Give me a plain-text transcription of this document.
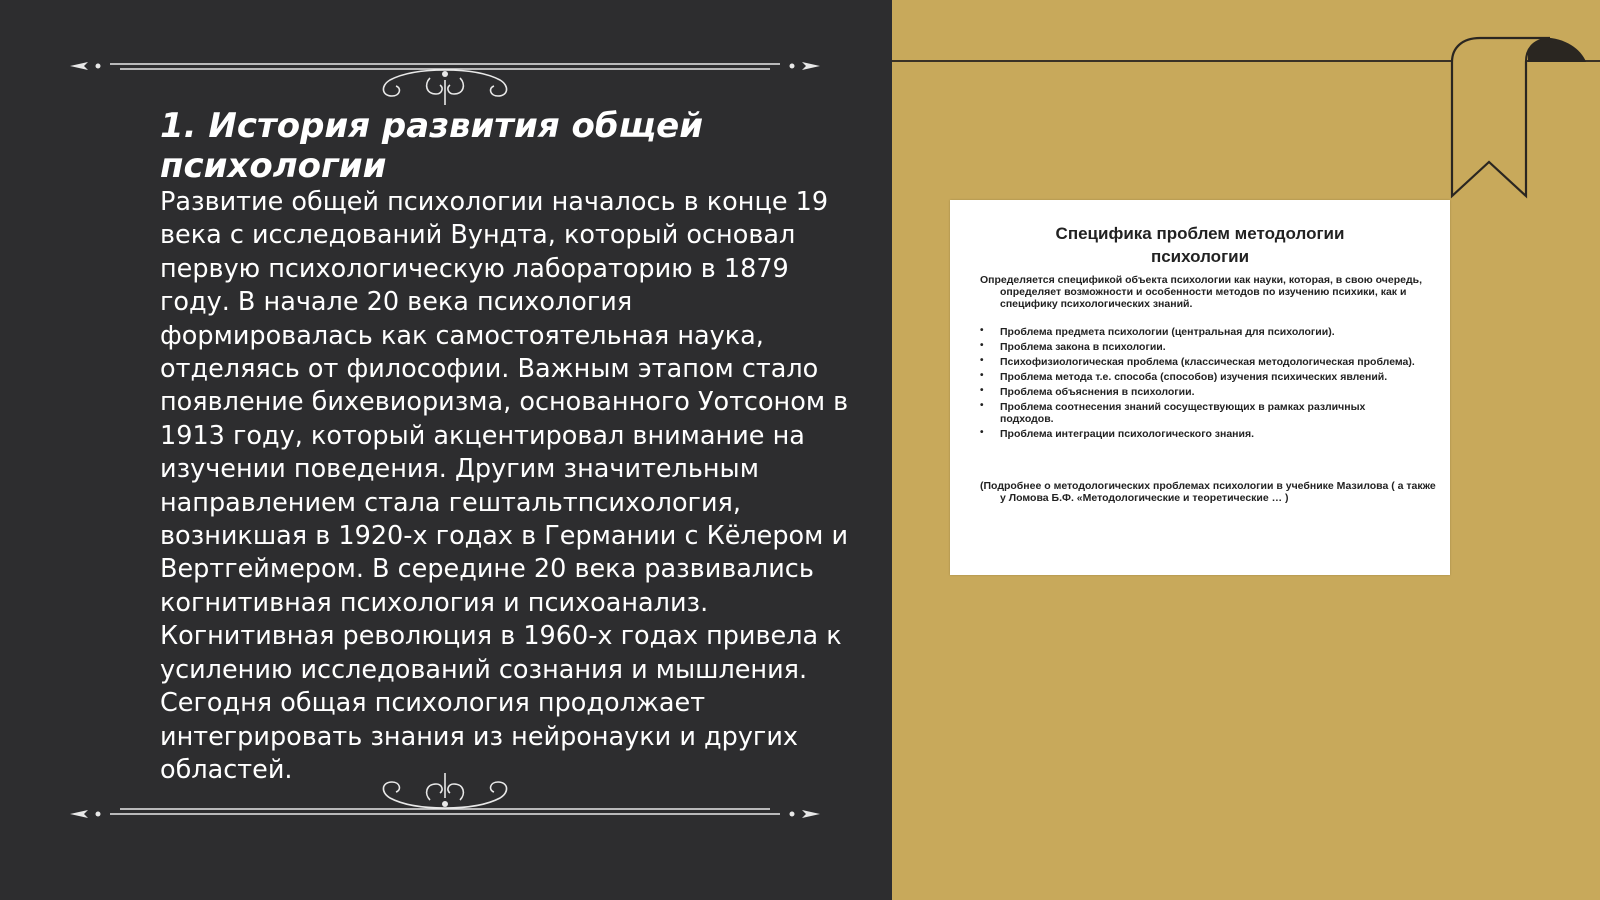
1. История развития общей психологии

Развитие общей психологии началось в конце 19 века с исследований Вундта, который основал первую психологическую лабораторию в 1879 году. В начале 20 века психология формировалась как самостоятельная наука, отделяясь от философии. Важным этапом стало появление бихевиоризма, основанного Уотсоном в 1913 году, который акцентировал внимание на изучении поведения. Другим значительным направлением стала гештальтпсихология, возникшая в 1920-х годах в Германии с Кёлером и Вертгеймером. В середине 20 века развивались когнитивная психология и психоанализ. Когнитивная революция в 1960-х годах привела к усилению исследований сознания и мышления. Сегодня общая психология продолжает интегрировать знания из нейронауки и других областей.

Специфика проблем методологии
психологии
Определяется спецификой объекта психологии как науки, которая, в свою очередь, определяет возможности и особенности методов по изучению психики, как и специфику психологических знаний.
• Проблема предмета психологии (центральная для психологии).
• Проблема закона в психологии.
• Психофизиологическая проблема (классическая методологическая проблема).
• Проблема метода т.е. способа (способов) изучения психических явлений.
• Проблема объяснения в психологии.
• Проблема соотнесения знаний сосуществующих в рамках различных подходов.
• Проблема интеграции психологического знания.
(Подробнее о методологических проблемах психологии в учебнике Мазилова ( а также у Ломова Б.Ф. «Методологические и теоретические … )
